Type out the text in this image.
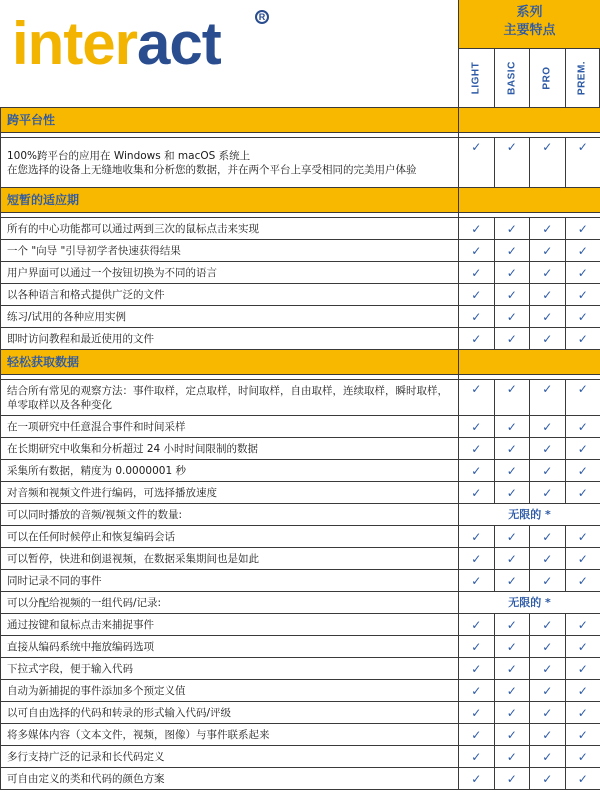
interact	R	系列
主要特点
LIGHT BASIC PRO PREM.
跨平台性				

100%跨平台的应用在 Windows 和 macOS 系统上
在您选择的设备上无缝地收集和分析您的数据，并在两个平台上享受相同的完美用户体验	✓	✓	✓	✓
短暂的适应期				

所有的中心功能都可以通过两到三次的鼠标点击来实现	✓	✓	✓	✓
一个 "向导 "引导初学者快速获得结果	✓	✓	✓	✓
用户界面可以通过一个按钮切换为不同的语言	✓	✓	✓	✓
以各种语言和格式提供广泛的文件	✓	✓	✓	✓
练习/试用的各种应用实例	✓	✓	✓	✓
即时访问教程和最近使用的文件	✓	✓	✓	✓
轻松获取数据				

结合所有常见的观察方法：事件取样，定点取样，时间取样，自由取样，连续取样，瞬时取样，单零取样以及各种变化	✓	✓	✓	✓
在一项研究中任意混合事件和时间采样	✓	✓	✓	✓
在长期研究中收集和分析超过 24 小时时间限制的数据	✓	✓	✓	✓
采集所有数据，精度为 0.0000001 秒	✓	✓	✓	✓
对音频和视频文件进行编码，可选择播放速度	✓	✓	✓	✓
可以同时播放的音频/视频文件的数量:	无限的 *			
可以在任何时候停止和恢复编码会话	✓	✓	✓	✓
可以暂停，快进和倒退视频，在数据采集期间也是如此	✓	✓	✓	✓
同时记录不同的事件	✓	✓	✓	✓
可以分配给视频的一组代码/记录:	无限的 *			
通过按键和鼠标点击来捕捉事件	✓	✓	✓	✓
直接从编码系统中拖放编码选项	✓	✓	✓	✓
下拉式字段，便于输入代码	✓	✓	✓	✓
自动为新捕捉的事件添加多个预定义值	✓	✓	✓	✓
以可自由选择的代码和转录的形式输入代码/评级	✓	✓	✓	✓
将多媒体内容（文本文件，视频，图像）与事件联系起来	✓	✓	✓	✓
多行支持广泛的记录和长代码定义	✓	✓	✓	✓
可自由定义的类和代码的颜色方案	✓	✓	✓	✓
